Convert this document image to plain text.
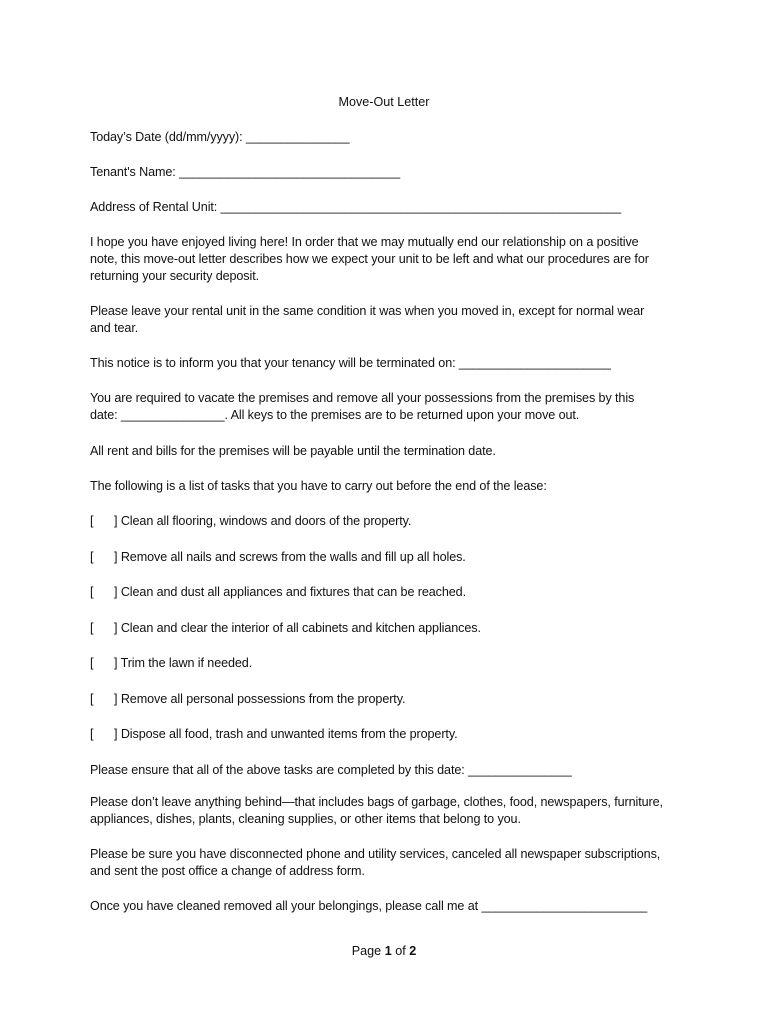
Move-Out Letter
Today’s Date (dd/mm/yyyy): _______________
Tenant's Name: ________________________________
Address of Rental Unit: __________________________________________________________
I hope you have enjoyed living here! In order that we may mutually end our relationship on a positive
note, this move-out letter describes how we expect your unit to be left and what our procedures are for
returning your security deposit.
Please leave your rental unit in the same condition it was when you moved in, except for normal wear
and tear.
This notice is to inform you that your tenancy will be terminated on: ______________________
You are required to vacate the premises and remove all your possessions from the premises by this
date: _______________. All keys to the premises are to be returned upon your move out.
All rent and bills for the premises will be payable until the termination date.
The following is a list of tasks that you have to carry out before the end of the lease:
[ ] Clean all flooring, windows and doors of the property.
[ ] Remove all nails and screws from the walls and fill up all holes.
[ ] Clean and dust all appliances and fixtures that can be reached.
[ ] Clean and clear the interior of all cabinets and kitchen appliances.
[ ] Trim the lawn if needed.
[ ] Remove all personal possessions from the property.
[ ] Dispose all food, trash and unwanted items from the property.
Please ensure that all of the above tasks are completed by this date: _______________
Please don’t leave anything behind—that includes bags of garbage, clothes, food, newspapers, furniture,
appliances, dishes, plants, cleaning supplies, or other items that belong to you.
Please be sure you have disconnected phone and utility services, canceled all newspaper subscriptions,
and sent the post office a change of address form.
Once you have cleaned removed all your belongings, please call me at ________________________
Page 1 of 2
